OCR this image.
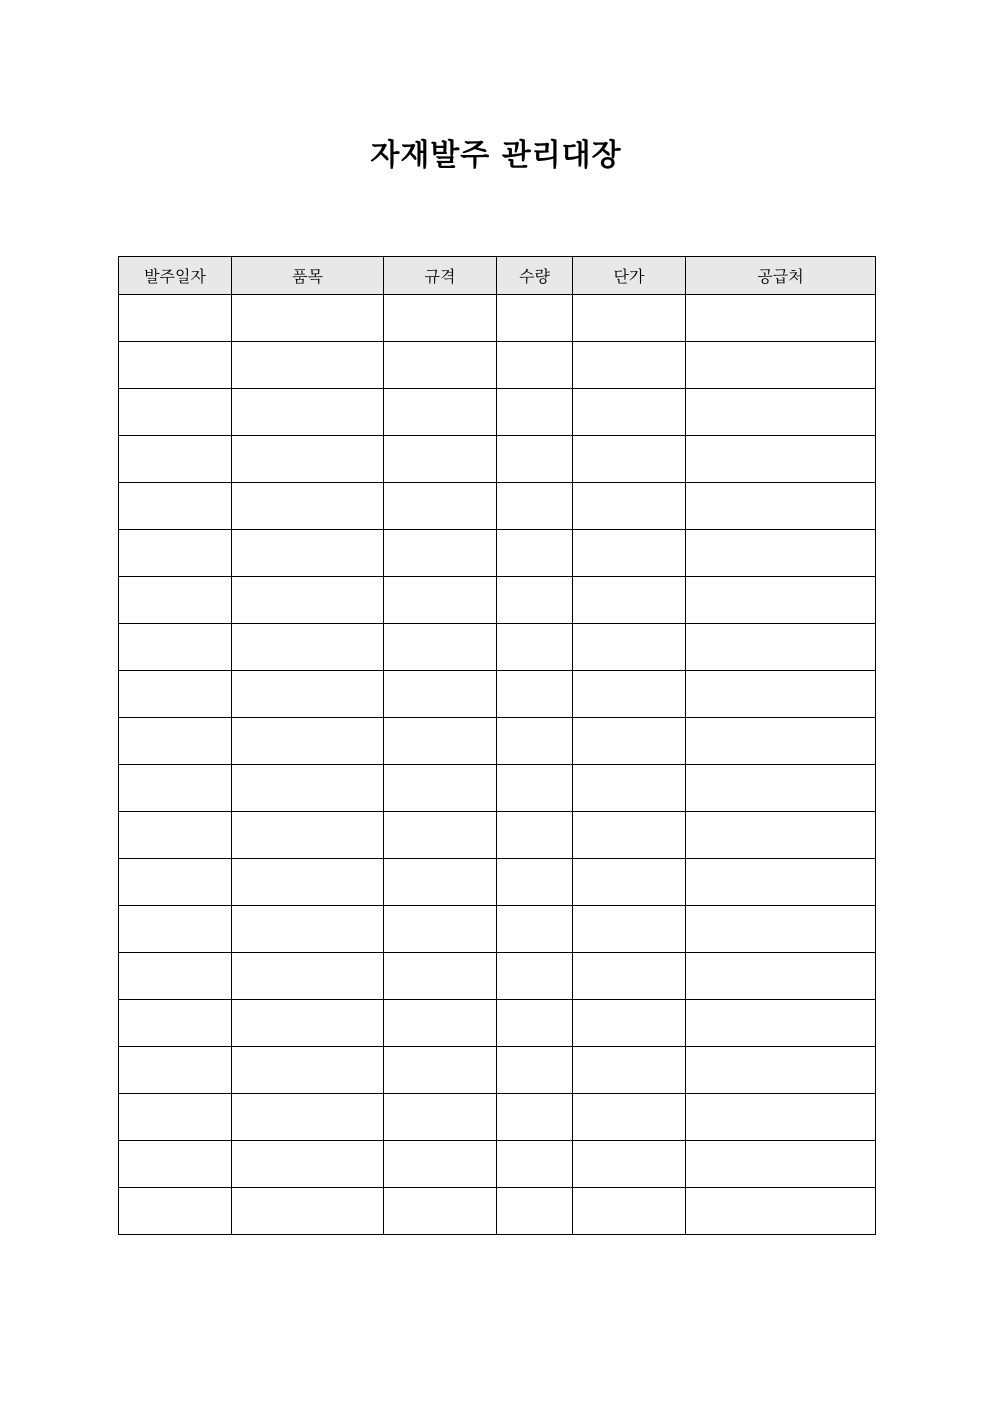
자재발주 관리대장
발주일자	품목	규격	수량	단가	공급처
